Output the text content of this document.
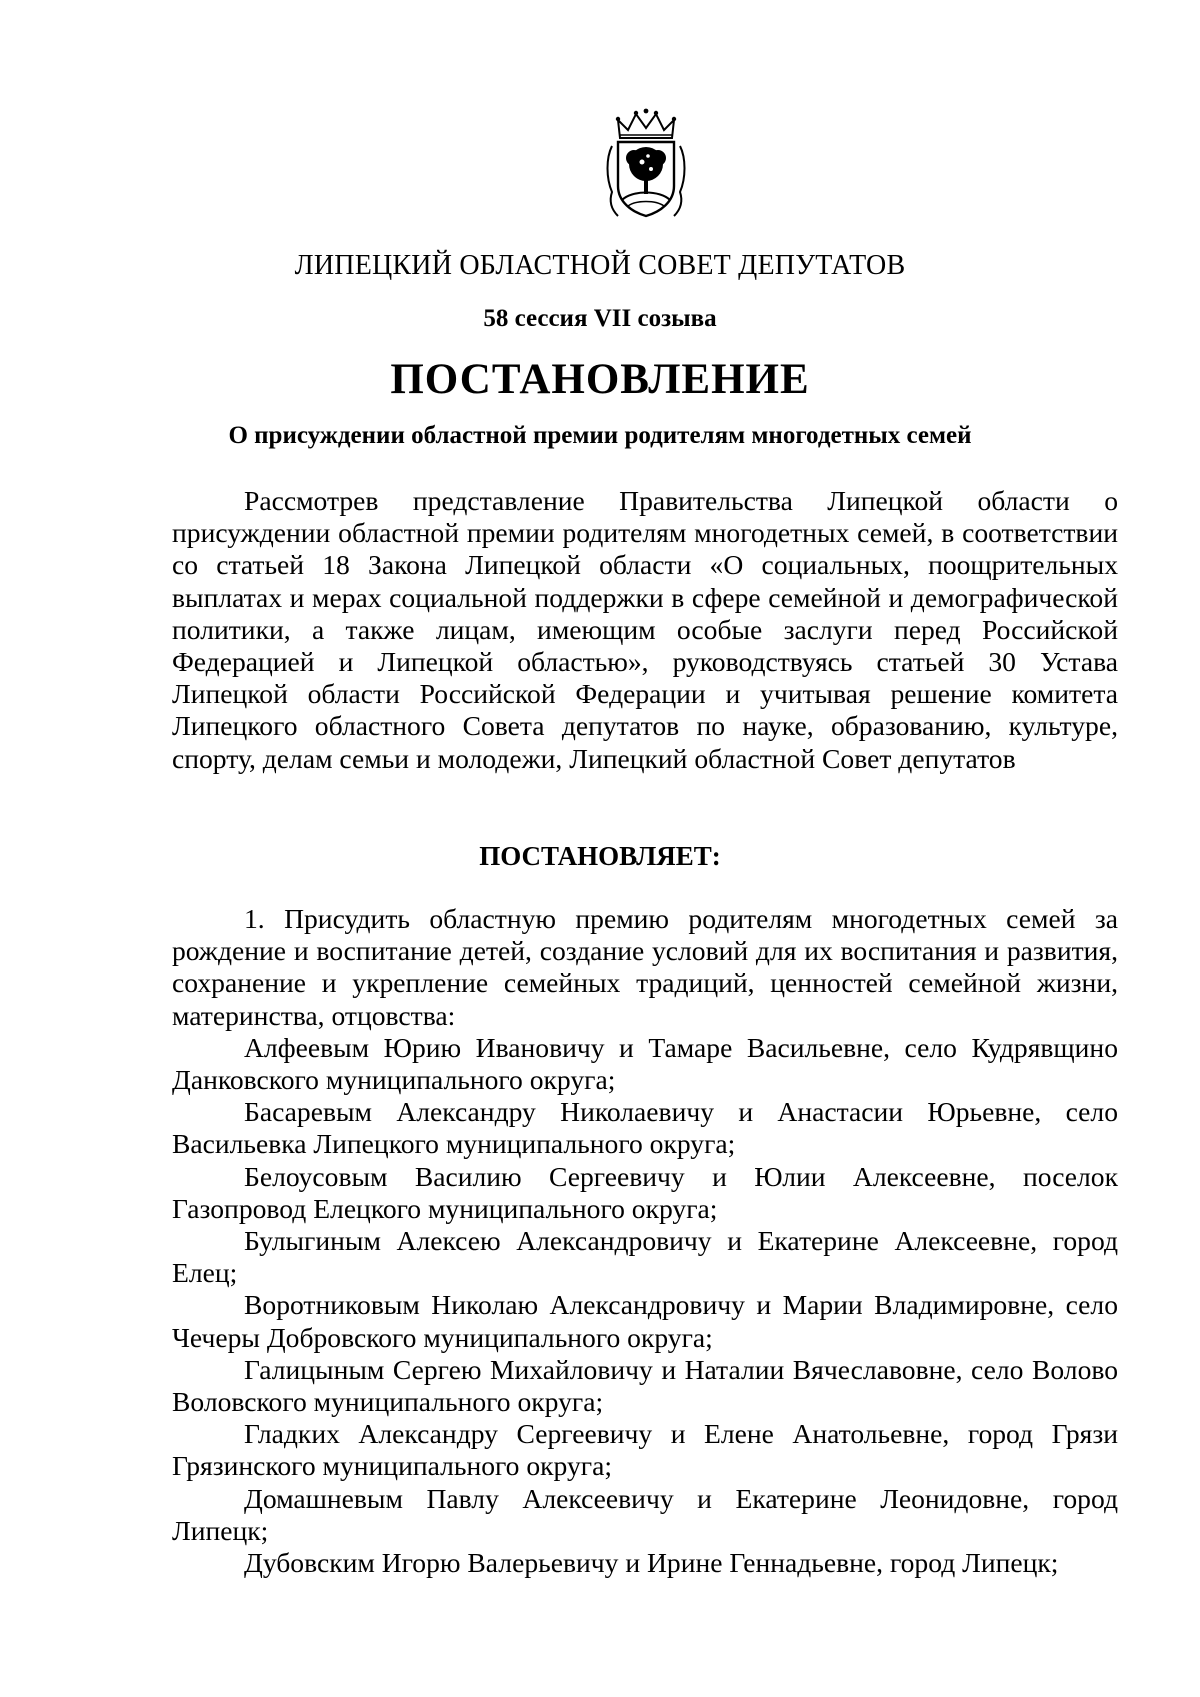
ЛИПЕЦКИЙ ОБЛАСТНОЙ СОВЕТ ДЕПУТАТОВ

58 сессия VII созыва

ПОСТАНОВЛЕНИЕ

О присуждении областной премии родителям многодетных семей

Рассмотрев представление Правительства Липецкой области о присуждении областной премии родителям многодетных семей, в соответствии со статьей 18 Закона Липецкой области «О социальных, поощрительных выплатах и мерах социальной поддержки в сфере семейной и демографической политики, а также лицам, имеющим особые заслуги перед Российской Федерацией и Липецкой областью», руководствуясь статьей 30 Устава Липецкой области Российской Федерации и учитывая решение комитета Липецкого областного Совета депутатов по науке, образованию, культуре, спорту, делам семьи и молодежи, Липецкий областной Совет депутатов

ПОСТАНОВЛЯЕТ:

1. Присудить областную премию родителям многодетных семей за рождение и воспитание детей, создание условий для их воспитания и развития, сохранение и укрепление семейных традиций, ценностей семейной жизни, материнства, отцовства:

Алфеевым Юрию Ивановичу и Тамаре Васильевне, село Кудрявщино Данковского муниципального округа;

Басаревым Александру Николаевичу и Анастасии Юрьевне, село Васильевка Липецкого муниципального округа;

Белоусовым Василию Сергеевичу и Юлии Алексеевне, поселок Газопровод Елецкого муниципального округа;

Булыгиным Алексею Александровичу и Екатерине Алексеевне, город Елец;

Воротниковым Николаю Александровичу и Марии Владимировне, село Чечеры Добровского муниципального округа;

Галицыным Сергею Михайловичу и Наталии Вячеславовне, село Волово Воловского муниципального округа;

Гладких Александру Сергеевичу и Елене Анатольевне, город Грязи Грязинского муниципального округа;

Домашневым Павлу Алексеевичу и Екатерине Леонидовне, город Липецк;

Дубовским Игорю Валерьевичу и Ирине Геннадьевне, город Липецк;
